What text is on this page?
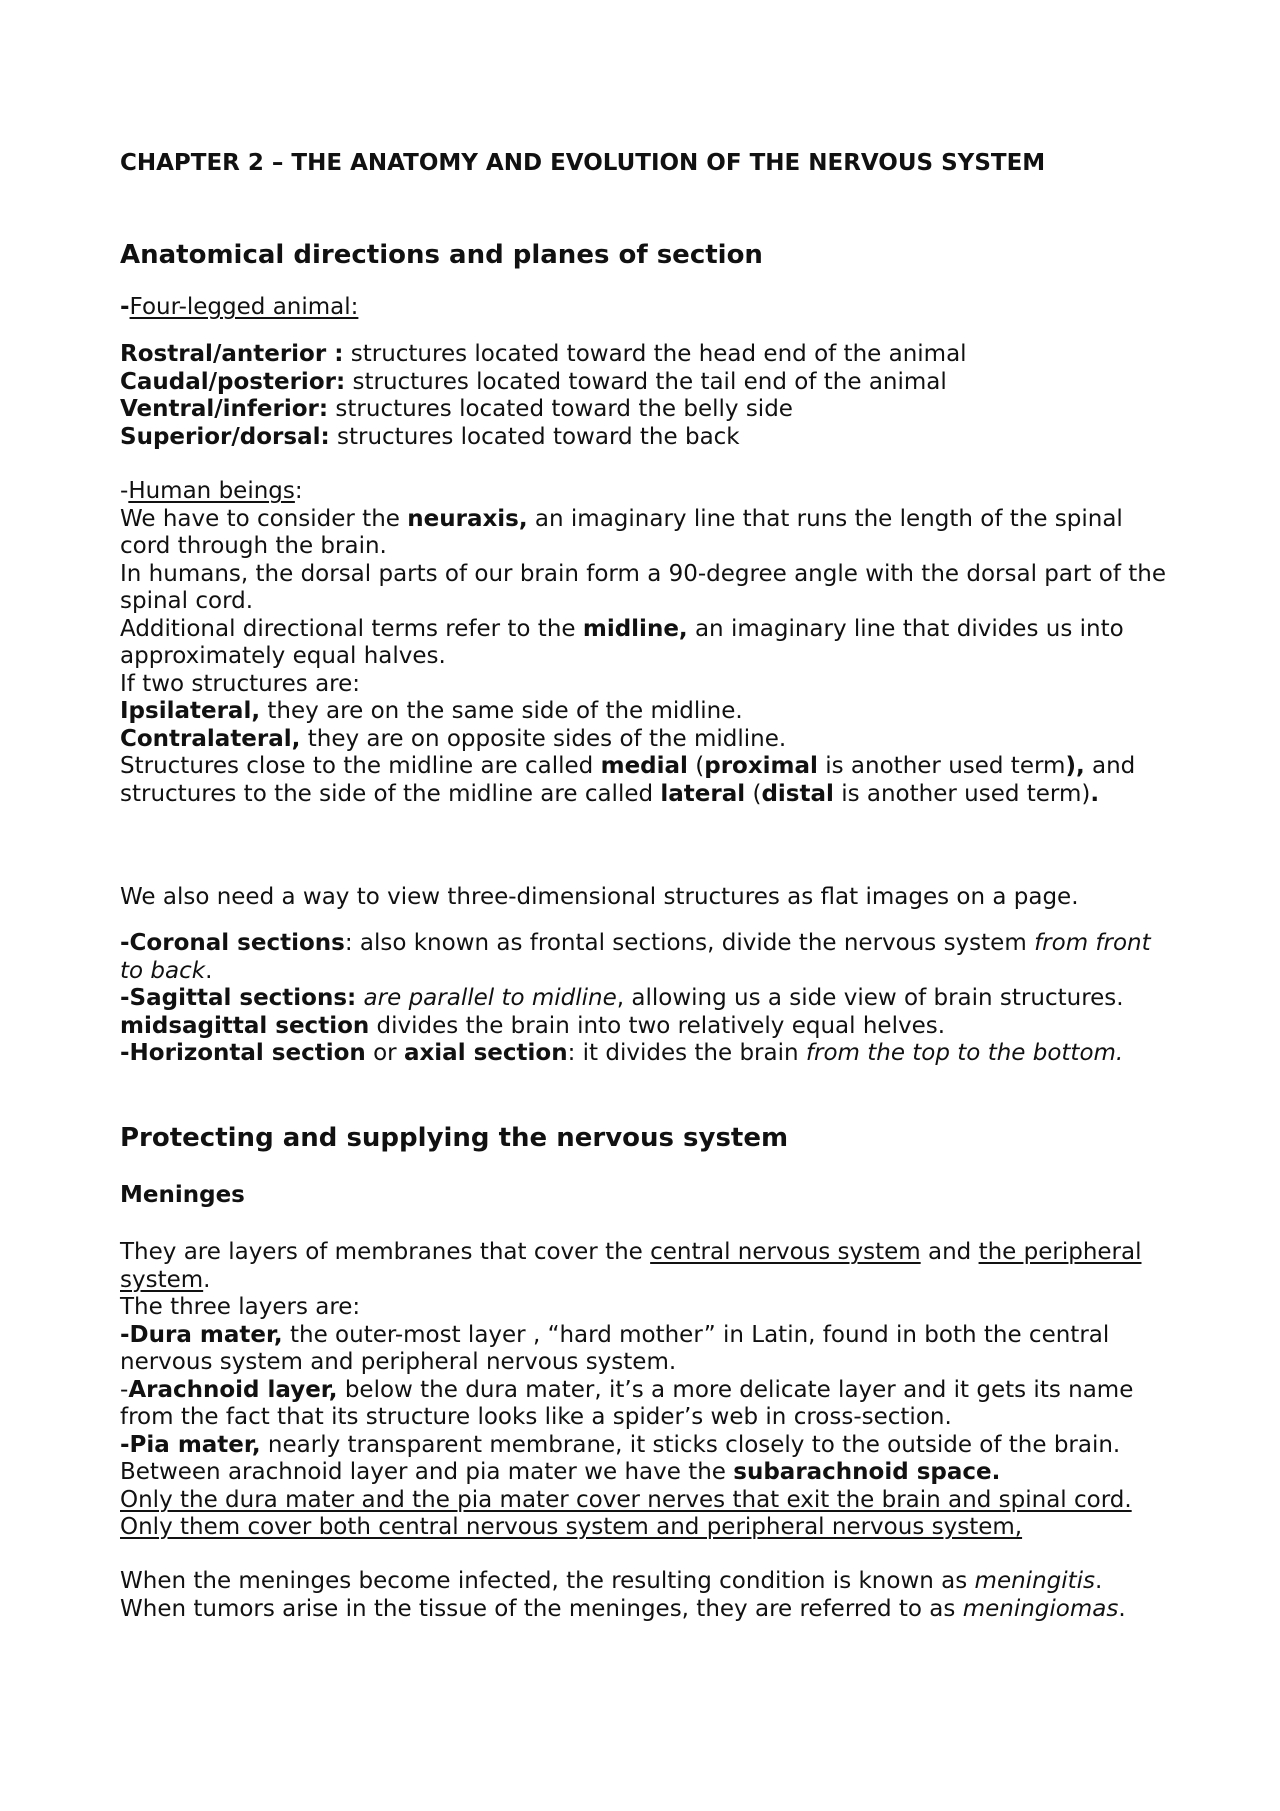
CHAPTER 2 – THE ANATOMY AND EVOLUTION OF THE NERVOUS SYSTEM
Anatomical directions and planes of section
-Four-legged animal:
Rostral/anterior : structures located toward the head end of the animal
Caudal/posterior: structures located toward the tail end of the animal
Ventral/inferior: structures located toward the belly side
Superior/dorsal: structures located toward the back
-Human beings:
We have to consider the neuraxis, an imaginary line that runs the length of the spinal cord through the brain.
In humans, the dorsal parts of our brain form a 90-degree angle with the dorsal part of the spinal cord.
Additional directional terms refer to the midline, an imaginary line that divides us into approximately equal halves.
If two structures are:
Ipsilateral, they are on the same side of the midline.
Contralateral, they are on opposite sides of the midline.
Structures close to the midline are called medial (proximal is another used term), and structures to the side of the midline are called lateral (distal is another used term).
We also need a way to view three-dimensional structures as flat images on a page.
-Coronal sections: also known as frontal sections, divide the nervous system from front to back.
-Sagittal sections: are parallel to midline, allowing us a side view of brain structures.
midsagittal section divides the brain into two relatively equal helves.
-Horizontal section or axial section: it divides the brain from the top to the bottom.
Protecting and supplying the nervous system
Meninges
They are layers of membranes that cover the central nervous system and the peripheral system.
The three layers are:
-Dura mater, the outer-most layer , “hard mother” in Latin, found in both the central nervous system and peripheral nervous system.
-Arachnoid layer, below the dura mater, it’s a more delicate layer and it gets its name from the fact that its structure looks like a spider’s web in cross-section.
-Pia mater, nearly transparent membrane, it sticks closely to the outside of the brain.
Between arachnoid layer and pia mater we have the subarachnoid space.
Only the dura mater and the pia mater cover nerves that exit the brain and spinal cord. Only them cover both central nervous system and peripheral nervous system,
When the meninges become infected, the resulting condition is known as meningitis.
When tumors arise in the tissue of the meninges, they are referred to as meningiomas.
